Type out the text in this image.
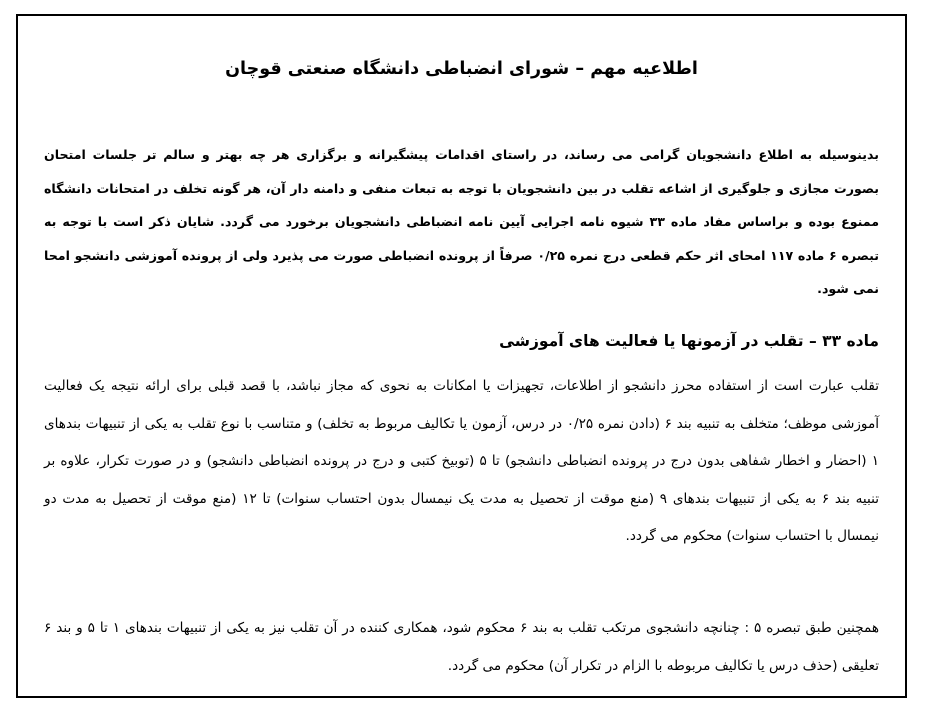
اطلاعیه مهم – شورای انضباطی دانشگاه صنعتی قوچان

بدینوسیله به اطلاع دانشجویان گرامی می رساند، در راستای اقدامات پیشگیرانه و برگزاری هر چه بهتر و سالم تر جلسات امتحان بصورت مجازی و جلوگیری از اشاعه تقلب در بین دانشجویان با توجه به تبعات منفی و دامنه دار آن، هر گونه تخلف در امتحانات دانشگاه ممنوع بوده و براساس مفاد ماده ۳۳ شیوه نامه اجرایی آیین نامه انضباطی دانشجویان برخورد می گردد. شایان ذکر است با توجه به تبصره ۶ ماده ۱۱۷ امحای اثر حکم قطعی درج نمره ۰/۲۵ صرفاً از پرونده انضباطی صورت می پذیرد ولی از پرونده آموزشی دانشجو امحا نمی شود.

ماده ۳۳ – تقلب در آزمونها یا فعالیت های آموزشی

تقلب عبارت است از استفاده محرز دانشجو از اطلاعات، تجهیزات یا امکانات به نحوی که مجاز نباشد، با قصد قبلی برای ارائه نتیجه یک فعالیت آموزشی موظف؛ متخلف به تنبیه بند ۶ (دادن نمره ۰/۲۵ در درس، آزمون یا تکالیف مربوط به تخلف) و متناسب با نوع تقلب به یکی از تنبیهات بندهای ۱ (احضار و اخطار شفاهی بدون درج در پرونده انضباطی دانشجو) تا ۵ (توبیخ کتبی و درج در پرونده انضباطی دانشجو) و در صورت تکرار، علاوه بر تنبیه بند ۶ به یکی از تنبیهات بندهای ۹ (منع موقت از تحصیل به مدت یک نیمسال بدون احتساب سنوات) تا ۱۲ (منع موقت از تحصیل به مدت دو نیمسال با احتساب سنوات) محکوم می گردد.

همچنین طبق تبصره ۵ : چنانچه دانشجوی مرتکب تقلب به بند ۶ محکوم شود، همکاری کننده در آن تقلب نیز به یکی از تنبیهات بندهای ۱ تا ۵ و بند ۶ تعلیقی (حذف درس یا تکالیف مربوطه با الزام در تکرار آن) محکوم می گردد.
